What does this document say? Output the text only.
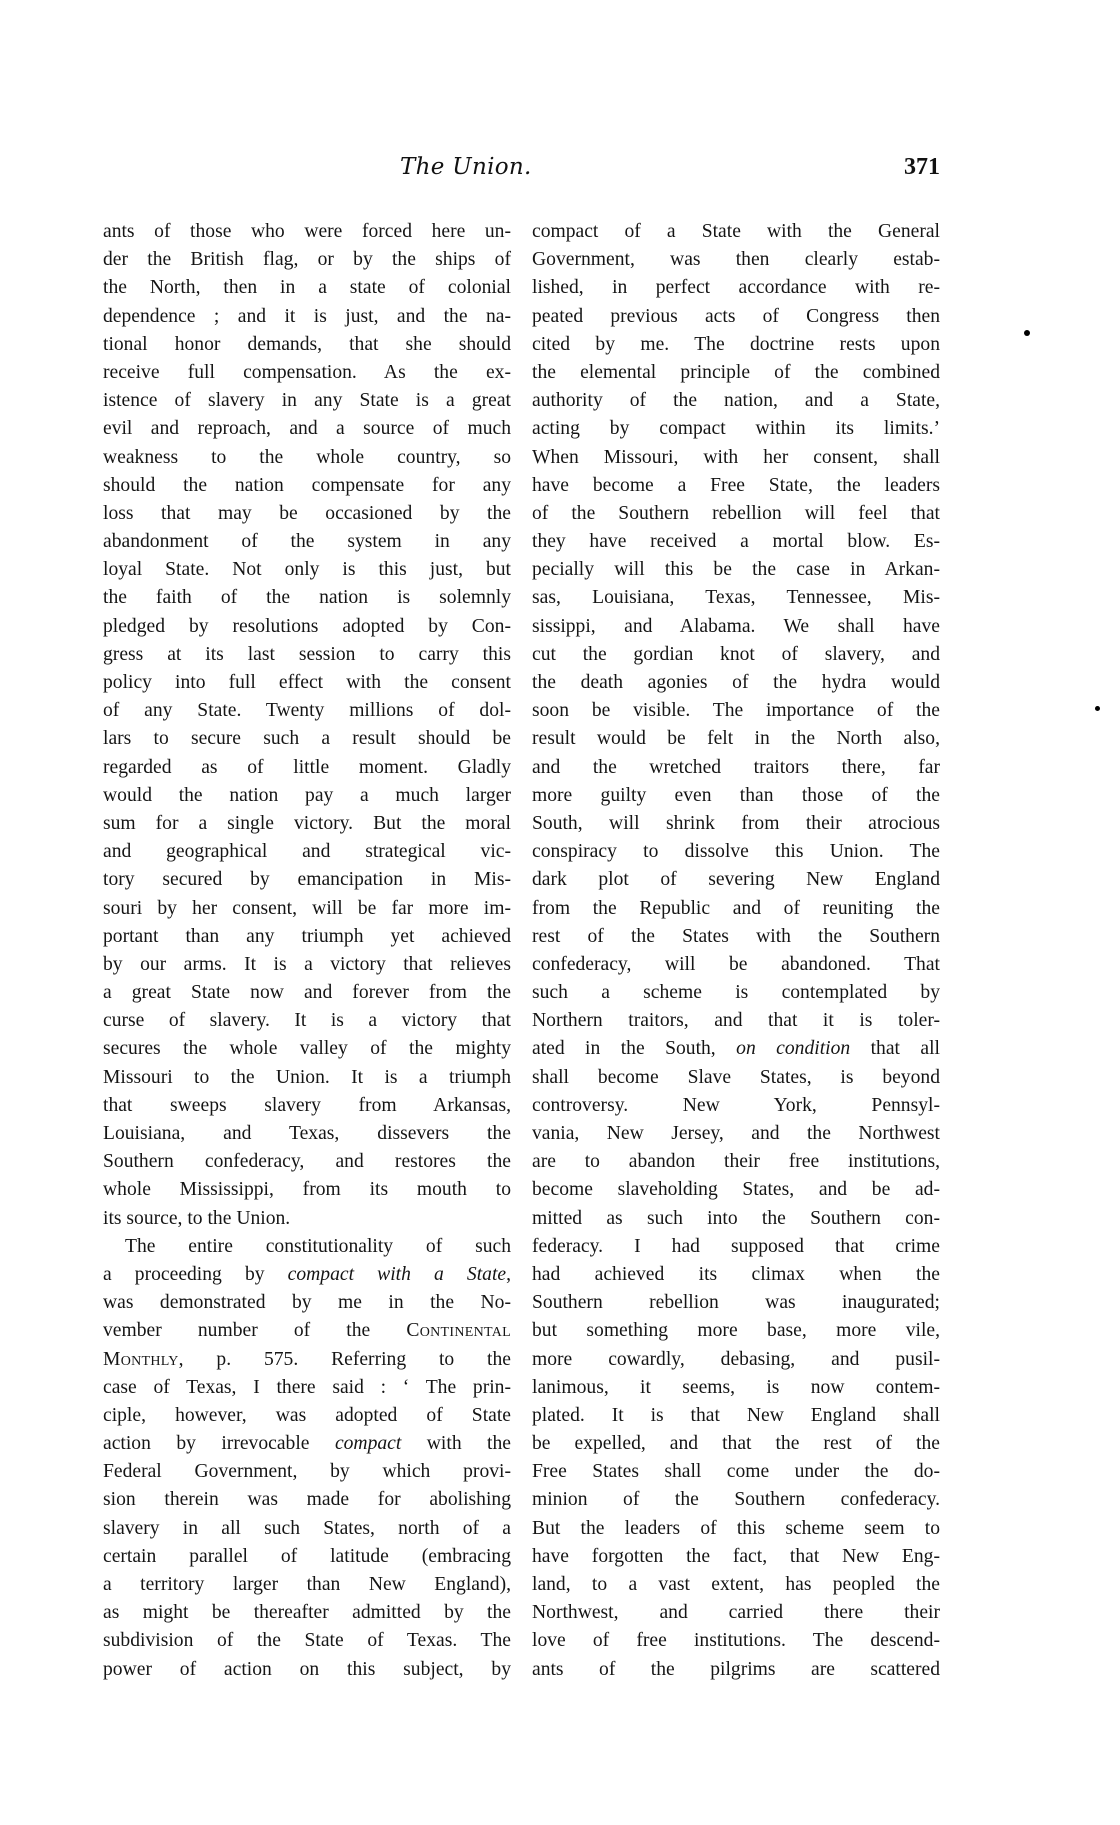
The Union.	371
ants of those who were forced here un-
der the British flag, or by the ships of
the North, then in a state of colonial
dependence ; and it is just, and the na-
tional honor demands, that she should
receive full compensation. As the ex-
istence of slavery in any State is a great
evil and reproach, and a source of much
weakness to the whole country, so
should the nation compensate for any
loss that may be occasioned by the
abandonment of the system in any
loyal State. Not only is this just, but
the faith of the nation is solemnly
pledged by resolutions adopted by Con-
gress at its last session to carry this
policy into full effect with the consent
of any State. Twenty millions of dol-
lars to secure such a result should be
regarded as of little moment. Gladly
would the nation pay a much larger
sum for a single victory. But the moral
and geographical and strategical vic-
tory secured by emancipation in Mis-
souri by her consent, will be far more im-
portant than any triumph yet achieved
by our arms. It is a victory that relieves
a great State now and forever from the
curse of slavery. It is a victory that
secures the whole valley of the mighty
Missouri to the Union. It is a triumph
that sweeps slavery from Arkansas,
Louisiana, and Texas, dissevers the
Southern confederacy, and restores the
whole Mississippi, from its mouth to
its source, to the Union.
The entire constitutionality of such
a proceeding by compact with a State,
was demonstrated by me in the No-
vember number of the Continental
Monthly, p. 575. Referring to the
case of Texas, I there said : ‘ The prin-
ciple, however, was adopted of State
action by irrevocable compact with the
Federal Government, by which provi-
sion therein was made for abolishing
slavery in all such States, north of a
certain parallel of latitude (embracing
a territory larger than New England),
as might be thereafter admitted by the
subdivision of the State of Texas. The
power of action on this subject, by
compact of a State with the General
Government, was then clearly estab-
lished, in perfect accordance with re-
peated previous acts of Congress then
cited by me. The doctrine rests upon
the elemental principle of the combined
authority of the nation, and a State,
acting by compact within its limits.’
When Missouri, with her consent, shall
have become a Free State, the leaders
of the Southern rebellion will feel that
they have received a mortal blow. Es-
pecially will this be the case in Arkan-
sas, Louisiana, Texas, Tennessee, Mis-
sissippi, and Alabama. We shall have
cut the gordian knot of slavery, and
the death agonies of the hydra would
soon be visible. The importance of the
result would be felt in the North also,
and the wretched traitors there, far
more guilty even than those of the
South, will shrink from their atrocious
conspiracy to dissolve this Union. The
dark plot of severing New England
from the Republic and of reuniting the
rest of the States with the Southern
confederacy, will be abandoned. That
such a scheme is contemplated by
Northern traitors, and that it is toler-
ated in the South, on condition that all
shall become Slave States, is beyond
controversy. New York, Pennsyl-
vania, New Jersey, and the Northwest
are to abandon their free institutions,
become slaveholding States, and be ad-
mitted as such into the Southern con-
federacy. I had supposed that crime
had achieved its climax when the
Southern rebellion was inaugurated;
but something more base, more vile,
more cowardly, debasing, and pusil-
lanimous, it seems, is now contem-
plated. It is that New England shall
be expelled, and that the rest of the
Free States shall come under the do-
minion of the Southern confederacy.
But the leaders of this scheme seem to
have forgotten the fact, that New Eng-
land, to a vast extent, has peopled the
Northwest, and carried there their
love of free institutions. The descend-
ants of the pilgrims are scattered
